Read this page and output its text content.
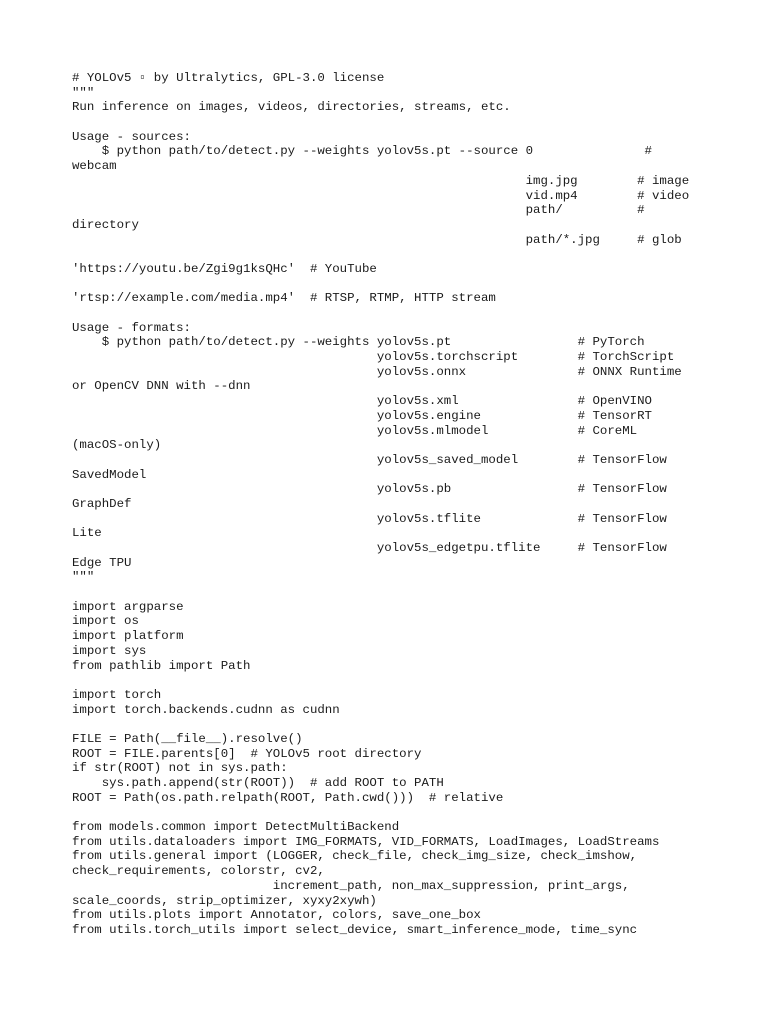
# YOLOv5 ▫ by Ultralytics, GPL-3.0 license
"""
Run inference on images, videos, directories, streams, etc.
Usage - sources:
$ python path/to/detect.py --weights yolov5s.pt --source 0               #
webcam
img.jpg        # image
vid.mp4        # video
path/          #
directory
path/*.jpg     # glob
'https://youtu.be/Zgi9g1ksQHc'  # YouTube
'rtsp://example.com/media.mp4'  # RTSP, RTMP, HTTP stream
Usage - formats:
$ python path/to/detect.py --weights yolov5s.pt                 # PyTorch
yolov5s.torchscript        # TorchScript
yolov5s.onnx               # ONNX Runtime
or OpenCV DNN with --dnn
yolov5s.xml                # OpenVINO
yolov5s.engine             # TensorRT
yolov5s.mlmodel            # CoreML
(macOS-only)
yolov5s_saved_model        # TensorFlow
SavedModel
yolov5s.pb                 # TensorFlow
GraphDef
yolov5s.tflite             # TensorFlow
Lite
yolov5s_edgetpu.tflite     # TensorFlow
Edge TPU
"""
import argparse
import os
import platform
import sys
from pathlib import Path
import torch
import torch.backends.cudnn as cudnn
FILE = Path(__file__).resolve()
ROOT = FILE.parents[0]  # YOLOv5 root directory
if str(ROOT) not in sys.path:
sys.path.append(str(ROOT))  # add ROOT to PATH
ROOT = Path(os.path.relpath(ROOT, Path.cwd()))  # relative
from models.common import DetectMultiBackend
from utils.dataloaders import IMG_FORMATS, VID_FORMATS, LoadImages, LoadStreams
from utils.general import (LOGGER, check_file, check_img_size, check_imshow,
check_requirements, colorstr, cv2,
increment_path, non_max_suppression, print_args,
scale_coords, strip_optimizer, xyxy2xywh)
from utils.plots import Annotator, colors, save_one_box
from utils.torch_utils import select_device, smart_inference_mode, time_sync
